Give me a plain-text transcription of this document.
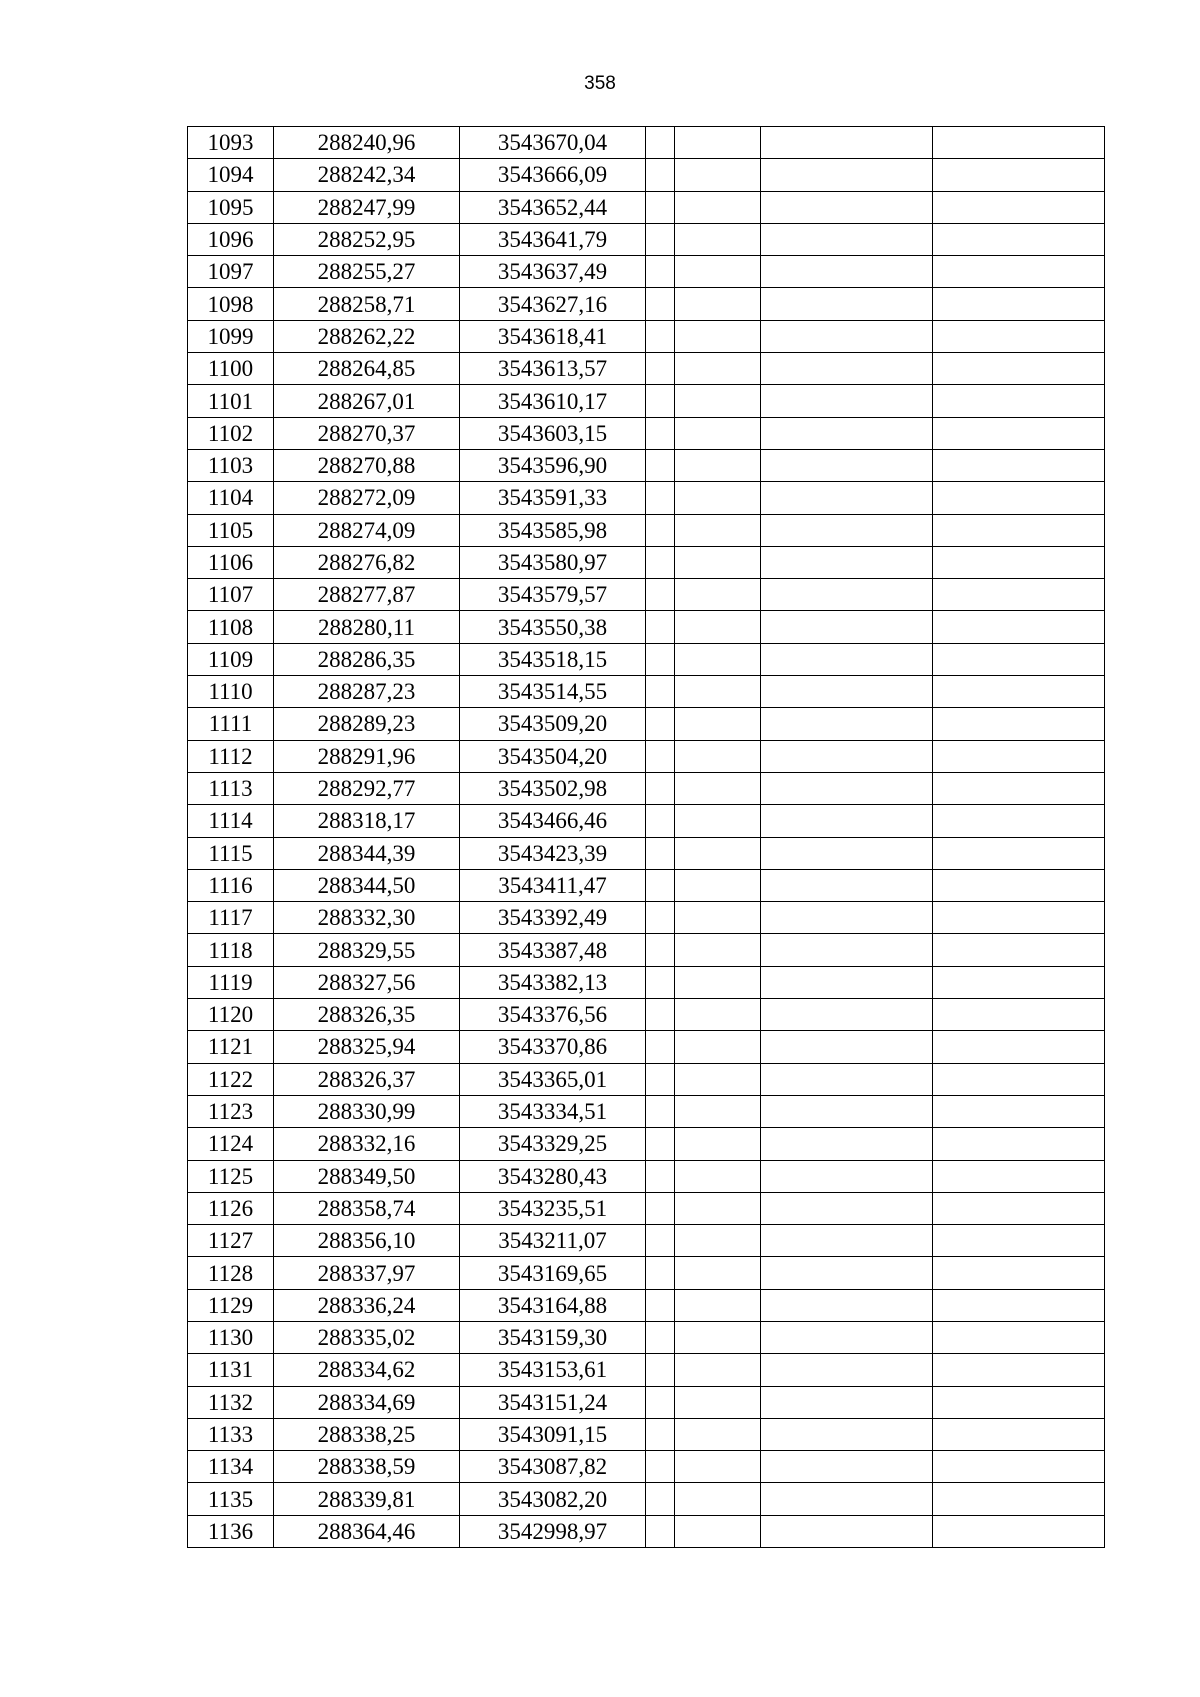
358
1093	288240,96	3543670,04				
1094	288242,34	3543666,09				
1095	288247,99	3543652,44				
1096	288252,95	3543641,79				
1097	288255,27	3543637,49				
1098	288258,71	3543627,16				
1099	288262,22	3543618,41				
1100	288264,85	3543613,57				
1101	288267,01	3543610,17				
1102	288270,37	3543603,15				
1103	288270,88	3543596,90				
1104	288272,09	3543591,33				
1105	288274,09	3543585,98				
1106	288276,82	3543580,97				
1107	288277,87	3543579,57				
1108	288280,11	3543550,38				
1109	288286,35	3543518,15				
1110	288287,23	3543514,55				
1111	288289,23	3543509,20				
1112	288291,96	3543504,20				
1113	288292,77	3543502,98				
1114	288318,17	3543466,46				
1115	288344,39	3543423,39				
1116	288344,50	3543411,47				
1117	288332,30	3543392,49				
1118	288329,55	3543387,48				
1119	288327,56	3543382,13				
1120	288326,35	3543376,56				
1121	288325,94	3543370,86				
1122	288326,37	3543365,01				
1123	288330,99	3543334,51				
1124	288332,16	3543329,25				
1125	288349,50	3543280,43				
1126	288358,74	3543235,51				
1127	288356,10	3543211,07				
1128	288337,97	3543169,65				
1129	288336,24	3543164,88				
1130	288335,02	3543159,30				
1131	288334,62	3543153,61				
1132	288334,69	3543151,24				
1133	288338,25	3543091,15				
1134	288338,59	3543087,82				
1135	288339,81	3543082,20				
1136	288364,46	3542998,97				
